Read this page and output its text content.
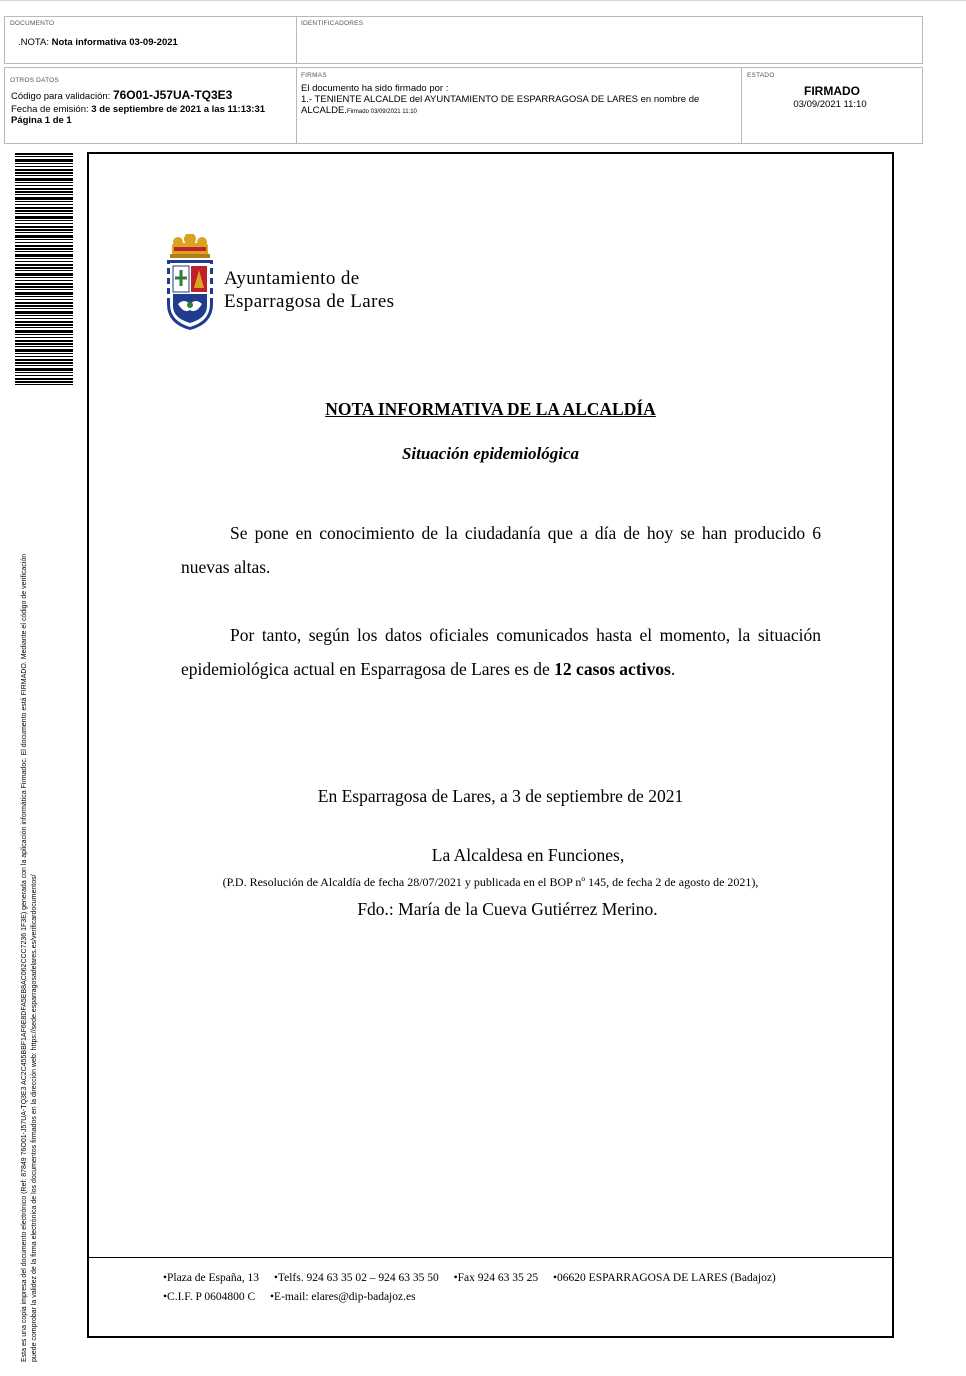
DOCUMENTO
.NOTA: Nota informativa 03-09-2021
IDENTIFICADORES
OTROS DATOS
Código para validación: 76O01-J57UA-TQ3E3
Fecha de emisión: 3 de septiembre de 2021 a las 11:13:31
Página 1 de 1
FIRMAS
El documento ha sido firmado por :
1.- TENIENTE ALCALDE del AYUNTAMIENTO DE ESPARRAGOSA DE LARES en nombre de
ALCALDE.Firmado 03/09/2021 11:10
ESTADO
FIRMADO
03/09/2021 11:10
Esta es una copia impresa del documento electrónico (Ref: 87849 76O01-J57UA-TQ3E3 AC2C455BBF1AF6E8DFA5EB8AC062CCC7236 1F3E) generada con la aplicación informática Firmadoc. El documento está FIRMADO. Mediante el código de verificación puede comprobar la validez de la firma electrónica de los documentos firmados en la dirección web: https://sede.esparragosadelares.es/verificardocumentos/
Ayuntamiento de
Esparragosa de Lares
NOTA INFORMATIVA DE LA ALCALDÍA
Situación epidemiológica
Se pone en conocimiento de la ciudadanía que a día de hoy se han producido 6 nuevas altas.
Por tanto, según los datos oficiales comunicados hasta el momento, la situación epidemiológica actual en Esparragosa de Lares es de 12 casos activos.
En Esparragosa de Lares, a 3 de septiembre de 2021
La Alcaldesa en Funciones,
(P.D. Resolución de Alcaldía de fecha 28/07/2021 y publicada en el BOP nº 145, de fecha 2 de agosto de 2021),
Fdo.: María de la Cueva Gutiérrez Merino.
•Plaza de España, 13 •Telfs. 924 63 35 02 – 924 63 35 50 •Fax 924 63 35 25 •06620 ESPARRAGOSA DE LARES (Badajoz)
•C.I.F. P 0604800 C •E-mail: elares@dip-badajoz.es
